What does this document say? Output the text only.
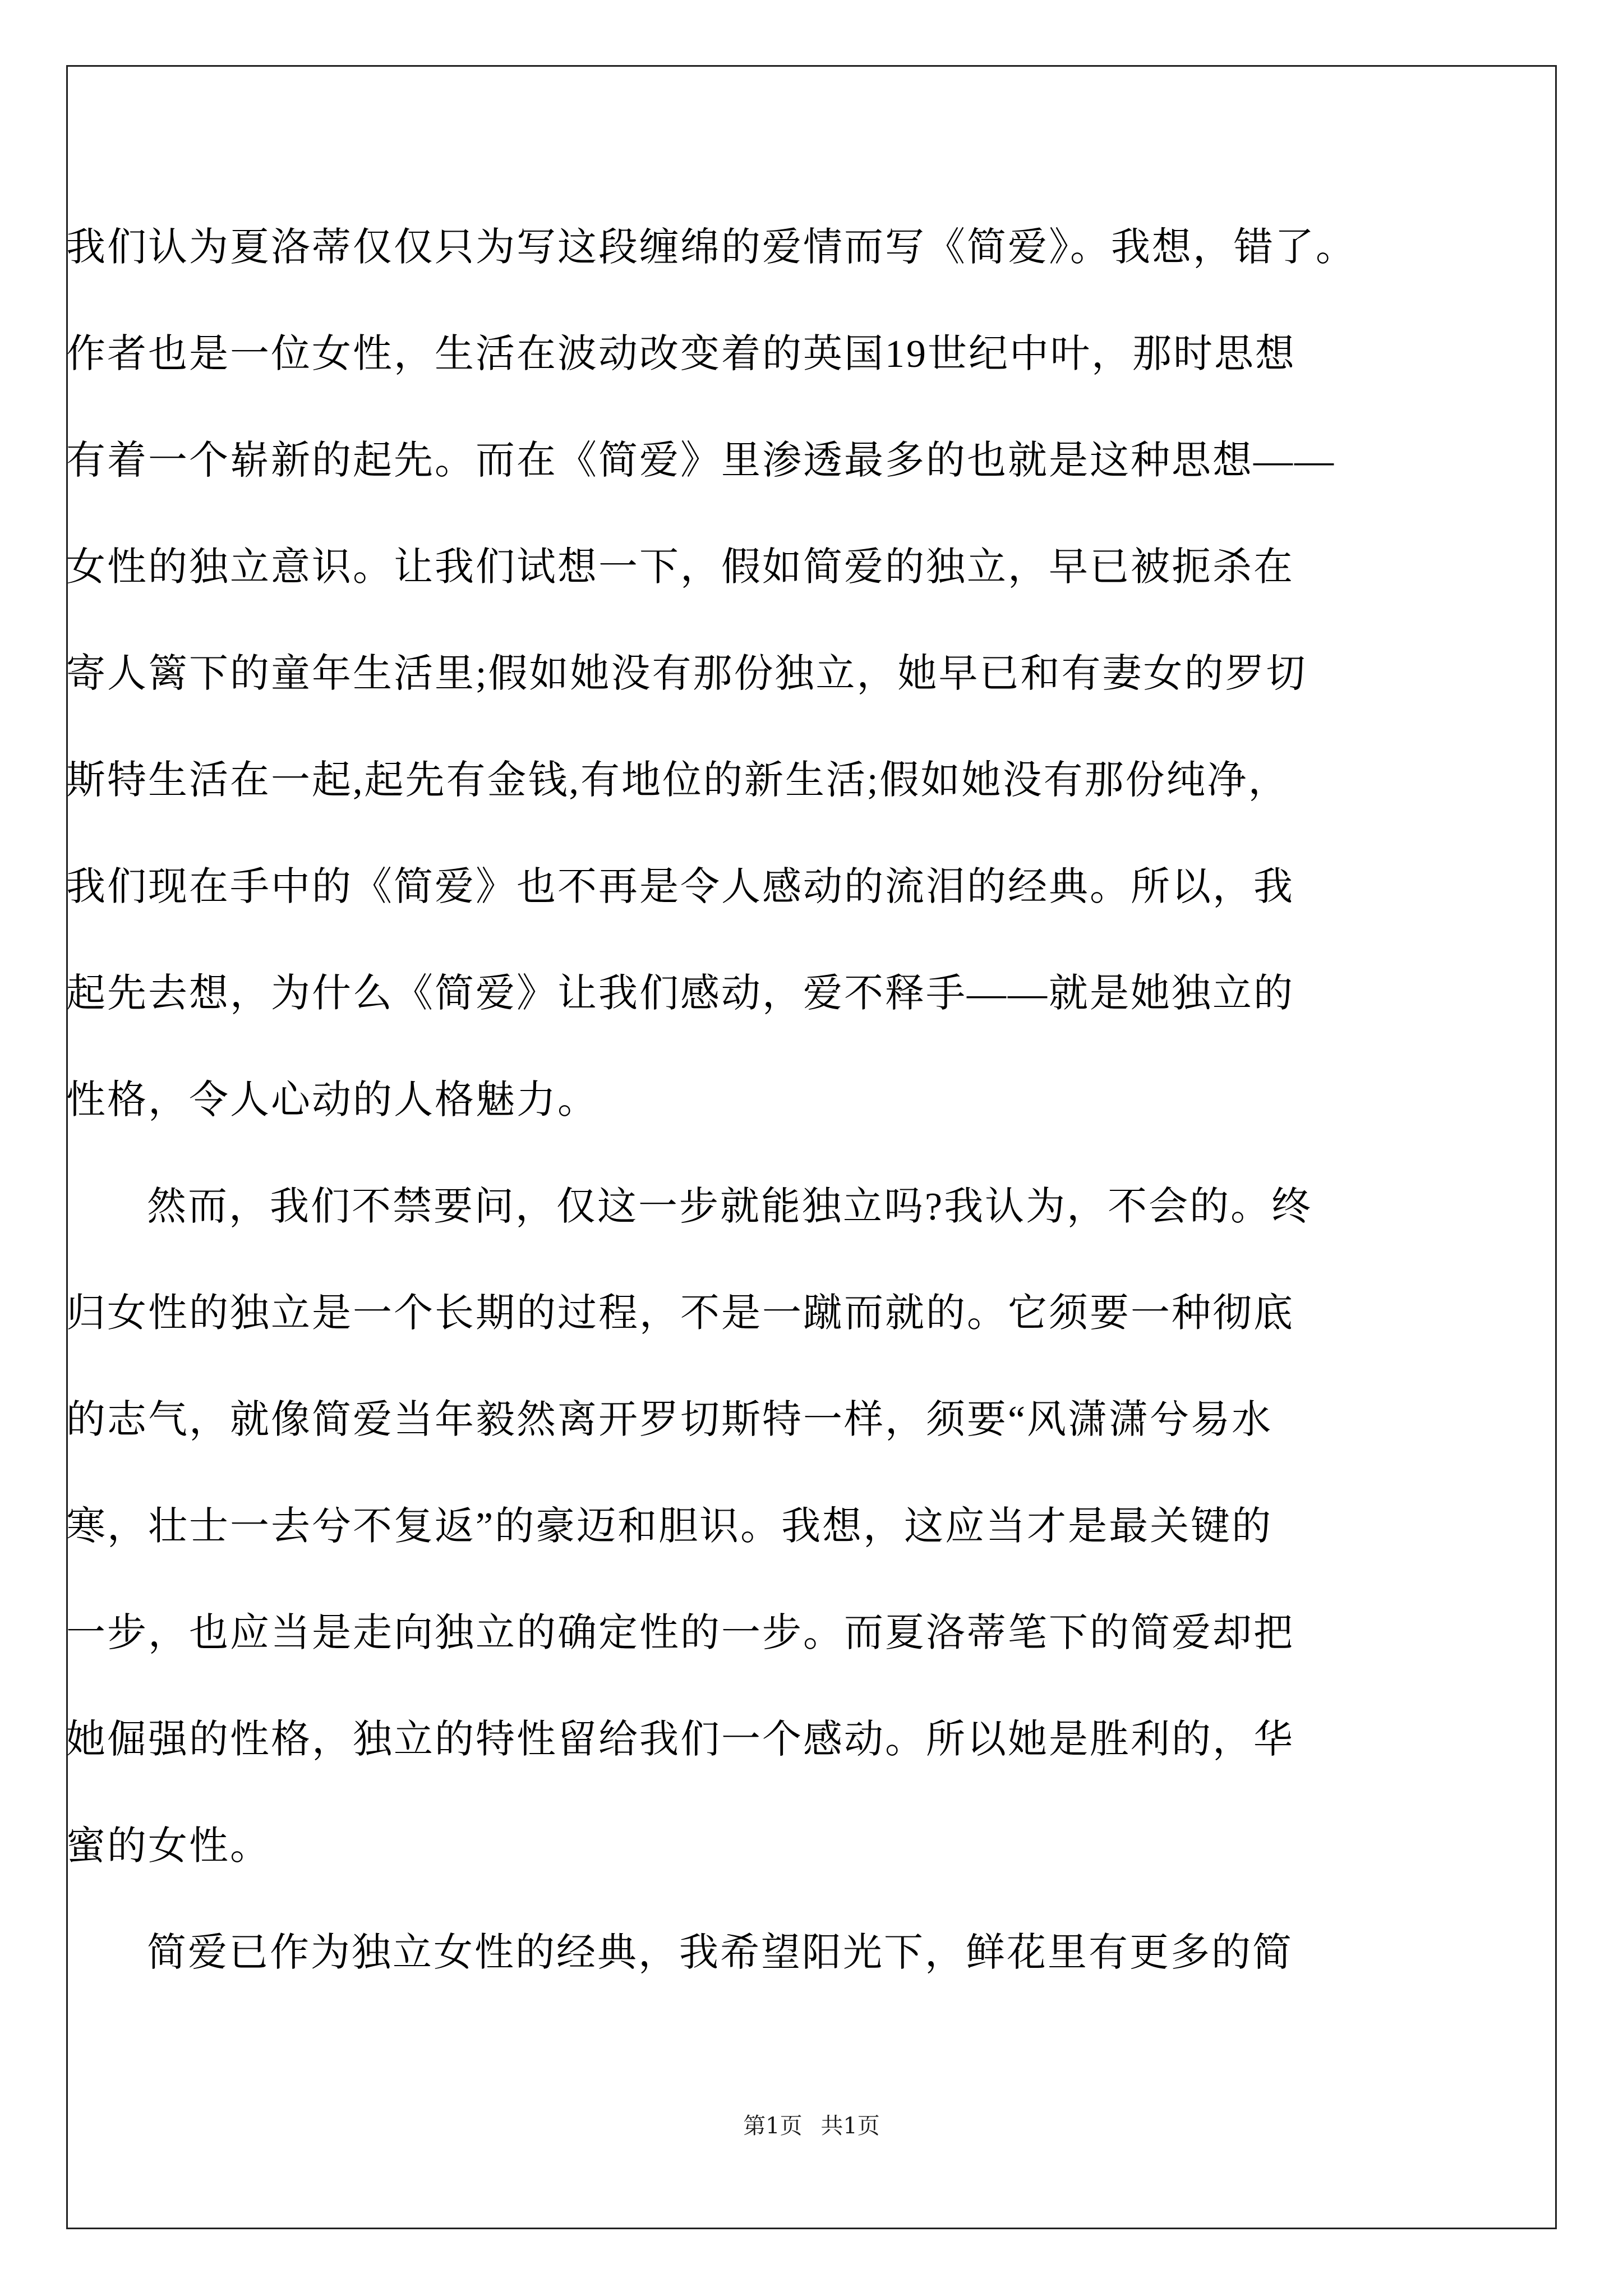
我们认为夏洛蒂仅仅只为写这段缠绵的爱情而写《简爱》。我想，错了。
作者也是一位女性，生活在波动改变着的英国19世纪中叶，那时思想
有着一个崭新的起先。而在《简爱》里渗透最多的也就是这种思想——
女性的独立意识。让我们试想一下，假如简爱的独立，早已被扼杀在
寄人篱下的童年生活里;假如她没有那份独立，她早已和有妻女的罗切
斯特生活在一起,起先有金钱,有地位的新生活;假如她没有那份纯净，
我们现在手中的《简爱》也不再是令人感动的流泪的经典。所以，我
起先去想，为什么《简爱》让我们感动，爱不释手——就是她独立的
性格，令人心动的人格魅力。
然而，我们不禁要问，仅这一步就能独立吗?我认为，不会的。终
归女性的独立是一个长期的过程，不是一蹴而就的。它须要一种彻底
的志气，就像简爱当年毅然离开罗切斯特一样，须要“风潇潇兮易水
寒，壮士一去兮不复返”的豪迈和胆识。我想，这应当才是最关键的
一步，也应当是走向独立的确定性的一步。而夏洛蒂笔下的简爱却把
她倔强的性格，独立的特性留给我们一个感动。所以她是胜利的，华
蜜的女性。
简爱已作为独立女性的经典，我希望阳光下，鲜花里有更多的简
第1页 共1页
